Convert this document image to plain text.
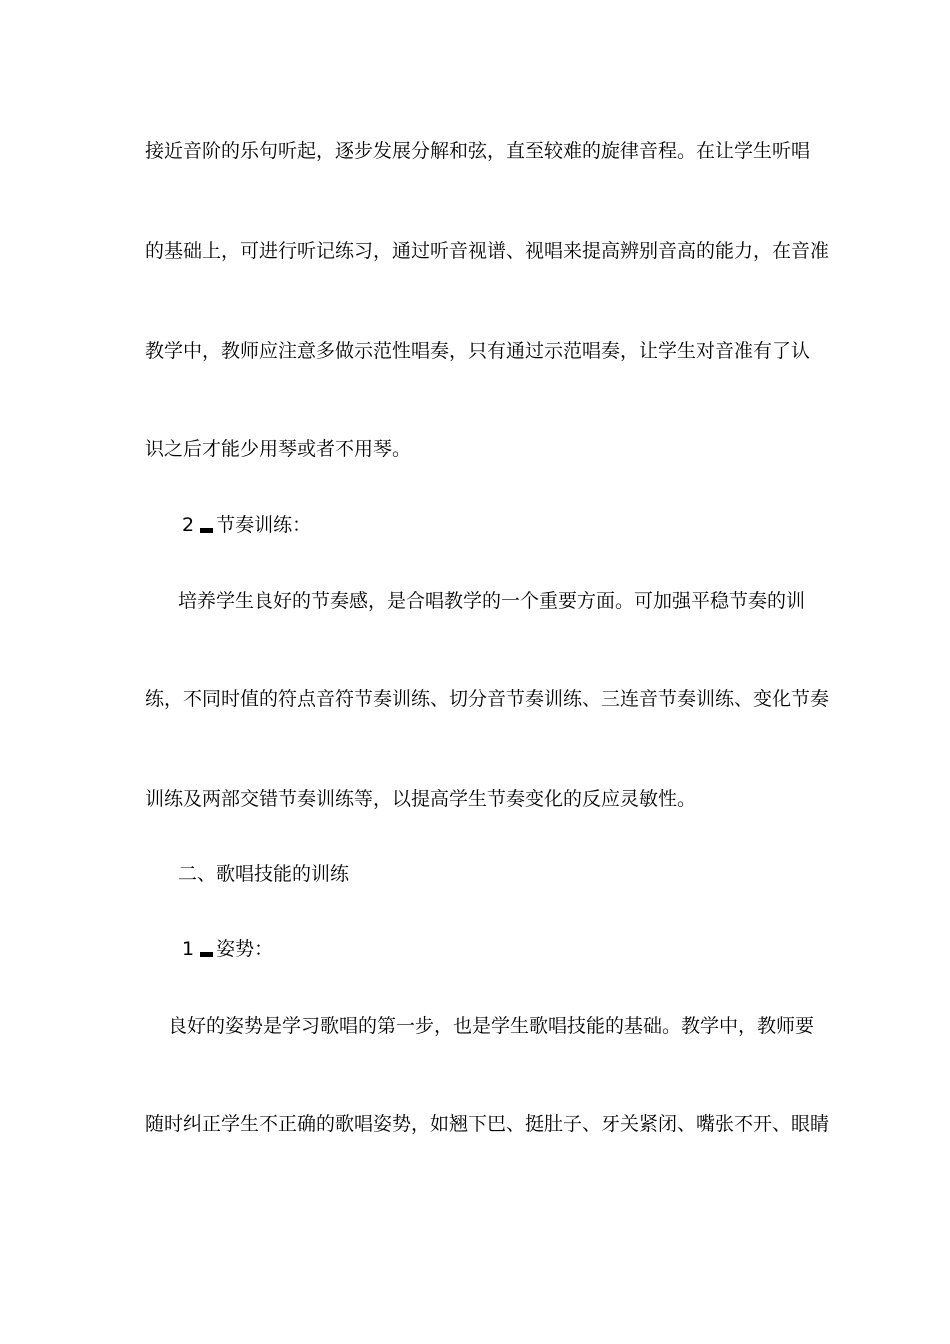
接近音阶的乐句听起，逐步发展分解和弦，直至较难的旋律音程。在让学生听唱
的基础上，可进行听记练习，通过听音视谱、视唱来提高辨别音高的能力，在音准
教学中，教师应注意多做示范性唱奏，只有通过示范唱奏，让学生对音准有了认
识之后才能少用琴或者不用琴。
2 节奏训练：
培养学生良好的节奏感，是合唱教学的一个重要方面。可加强平稳节奏的训
练，不同时值的符点音符节奏训练、切分音节奏训练、三连音节奏训练、变化节奏
训练及两部交错节奏训练等，以提高学生节奏变化的反应灵敏性。
二、歌唱技能的训练
1 姿势：
良好的姿势是学习歌唱的第一步，也是学生歌唱技能的基础。教学中，教师要
随时纠正学生不正确的歌唱姿势，如翘下巴、挺肚子、牙关紧闭、嘴张不开、眼睛
